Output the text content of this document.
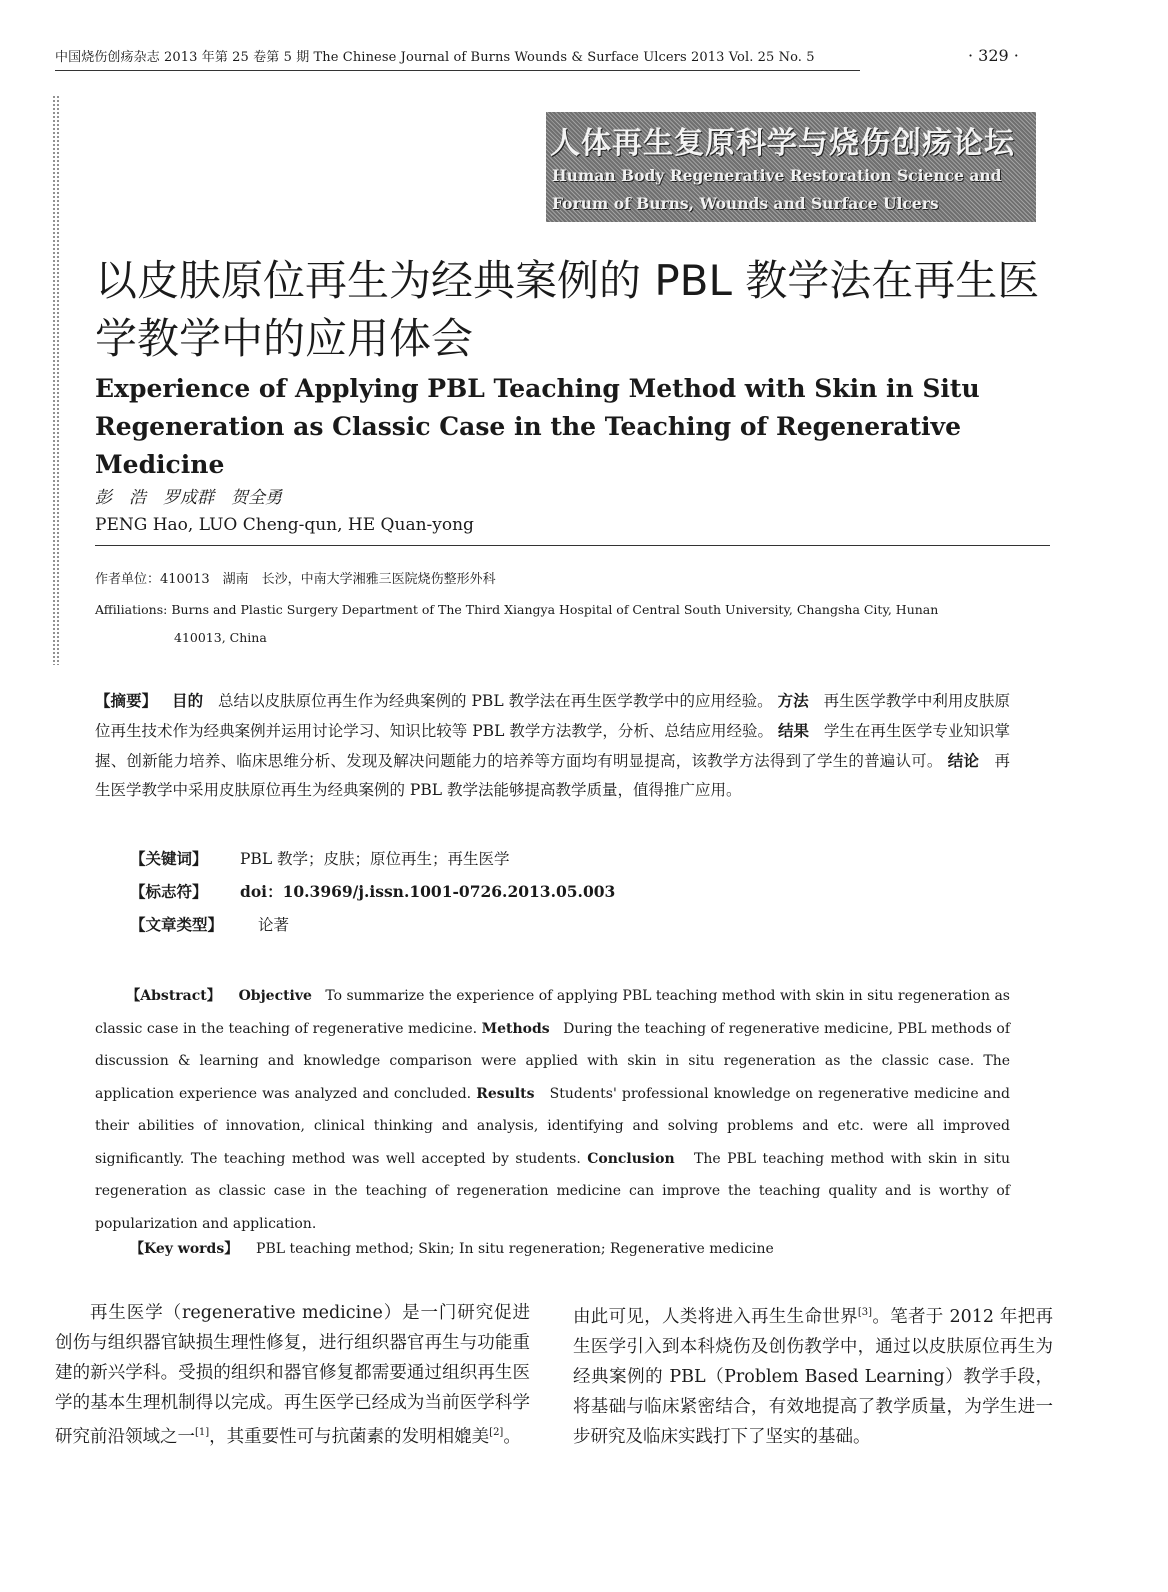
中国烧伤创疡杂志 2013 年第 25 卷第 5 期 The Chinese Journal of Burns Wounds & Surface Ulcers 2013 Vol. 25 No. 5	· 329 ·
人体再生复原科学与烧伤创疡论坛
Human Body Regenerative Restoration Science and
Forum of Burns, Wounds and Surface Ulcers
以皮肤原位再生为经典案例的 PBL 教学法在再生医学教学中的应用体会
Experience of Applying PBL Teaching Method with Skin in Situ Regeneration as Classic Case in the Teaching of Regenerative Medicine
彭　浩　罗成群　贺全勇
PENG Hao, LUO Cheng-qun, HE Quan-yong
作者单位：410013　湖南　长沙，中南大学湘雅三医院烧伤整形外科
Affiliations: Burns and Plastic Surgery Department of The Third Xiangya Hospital of Central South University, Changsha City, Hunan
410013, China
【摘要】 目的 总结以皮肤原位再生作为经典案例的 PBL 教学法在再生医学教学中的应用经验。 方法 再生医学教学中利用皮肤原位再生技术作为经典案例并运用讨论学习、知识比较等 PBL 教学方法教学，分析、总结应用经验。 结果 学生在再生医学专业知识掌握、创新能力培养、临床思维分析、发现及解决问题能力的培养等方面均有明显提高，该教学方法得到了学生的普遍认可。 结论 再生医学教学中采用皮肤原位再生为经典案例的 PBL 教学法能够提高教学质量，值得推广应用。
【关键词】 PBL 教学；皮肤；原位再生；再生医学
【标志符】 doi：10.3969/j.issn.1001-0726.2013.05.003
【文章类型】 论著
【Abstract】 Objective To summarize the experience of applying PBL teaching method with skin in situ regeneration as classic case in the teaching of regenerative medicine. Methods During the teaching of regenerative medicine, PBL methods of discussion & learning and knowledge comparison were applied with skin in situ regeneration as the classic case. The application experience was analyzed and concluded. Results Students' professional knowledge on regenerative medicine and their abilities of innovation, clinical thinking and analysis, identifying and solving problems and etc. were all improved significantly. The teaching method was well accepted by students. Conclusion The PBL teaching method with skin in situ regeneration as classic case in the teaching of regeneration medicine can improve the teaching quality and is worthy of popularization and application.
【Key words】 PBL teaching method; Skin; In situ regeneration; Regenerative medicine
再生医学（regenerative medicine）是一门研究促进创伤与组织器官缺损生理性修复，进行组织器官再生与功能重建的新兴学科。受损的组织和器官修复都需要通过组织再生医学的基本生理机制得以完成。再生医学已经成为当前医学科学研究前沿领域之一[1]，其重要性可与抗菌素的发明相媲美[2]。
由此可见，人类将进入再生生命世界[3]。笔者于 2012 年把再生医学引入到本科烧伤及创伤教学中，通过以皮肤原位再生为经典案例的 PBL（Problem Based Learning）教学手段，将基础与临床紧密结合，有效地提高了教学质量，为学生进一步研究及临床实践打下了坚实的基础。
